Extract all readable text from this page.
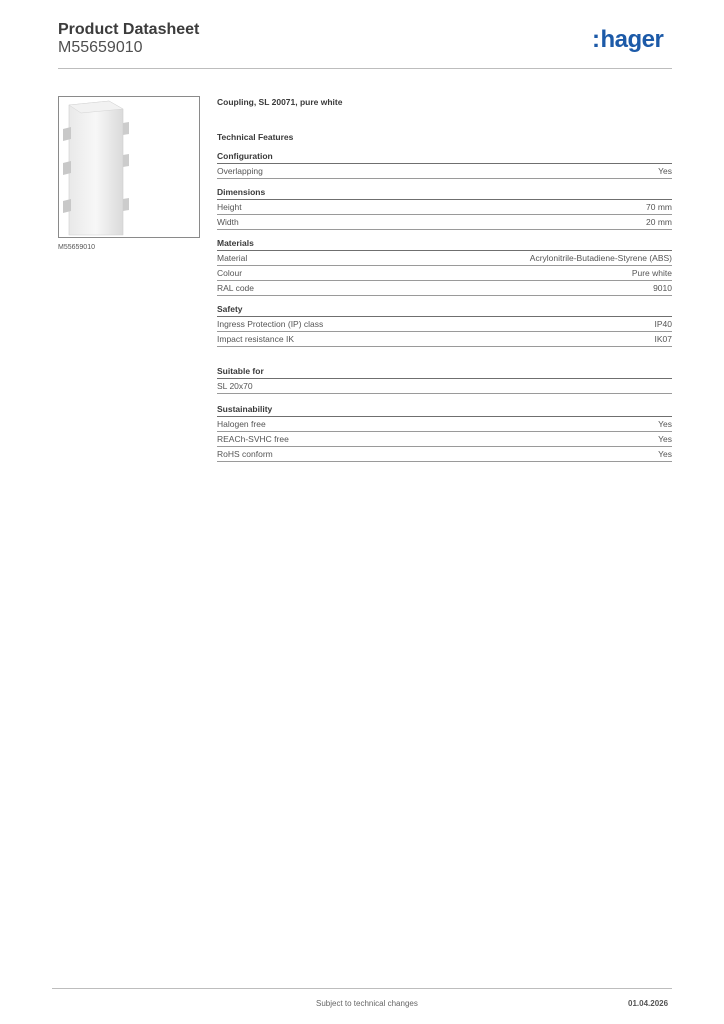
Product Datasheet
M55659010	:hager
M55659010
Coupling, SL 20071, pure white
Technical Features
Configuration
Overlapping	Yes
Dimensions
Height	70 mm
Width	20 mm
Materials
Material	Acrylonitrile-Butadiene-Styrene (ABS)
Colour	Pure white
RAL code	9010
Safety
Ingress Protection (IP) class	IP40
Impact resistance IK	IK07
Suitable for
SL 20x70
Sustainability
Halogen free	Yes
REACh-SVHC free	Yes
RoHS conform	Yes
Subject to technical changes	01.04.2026
